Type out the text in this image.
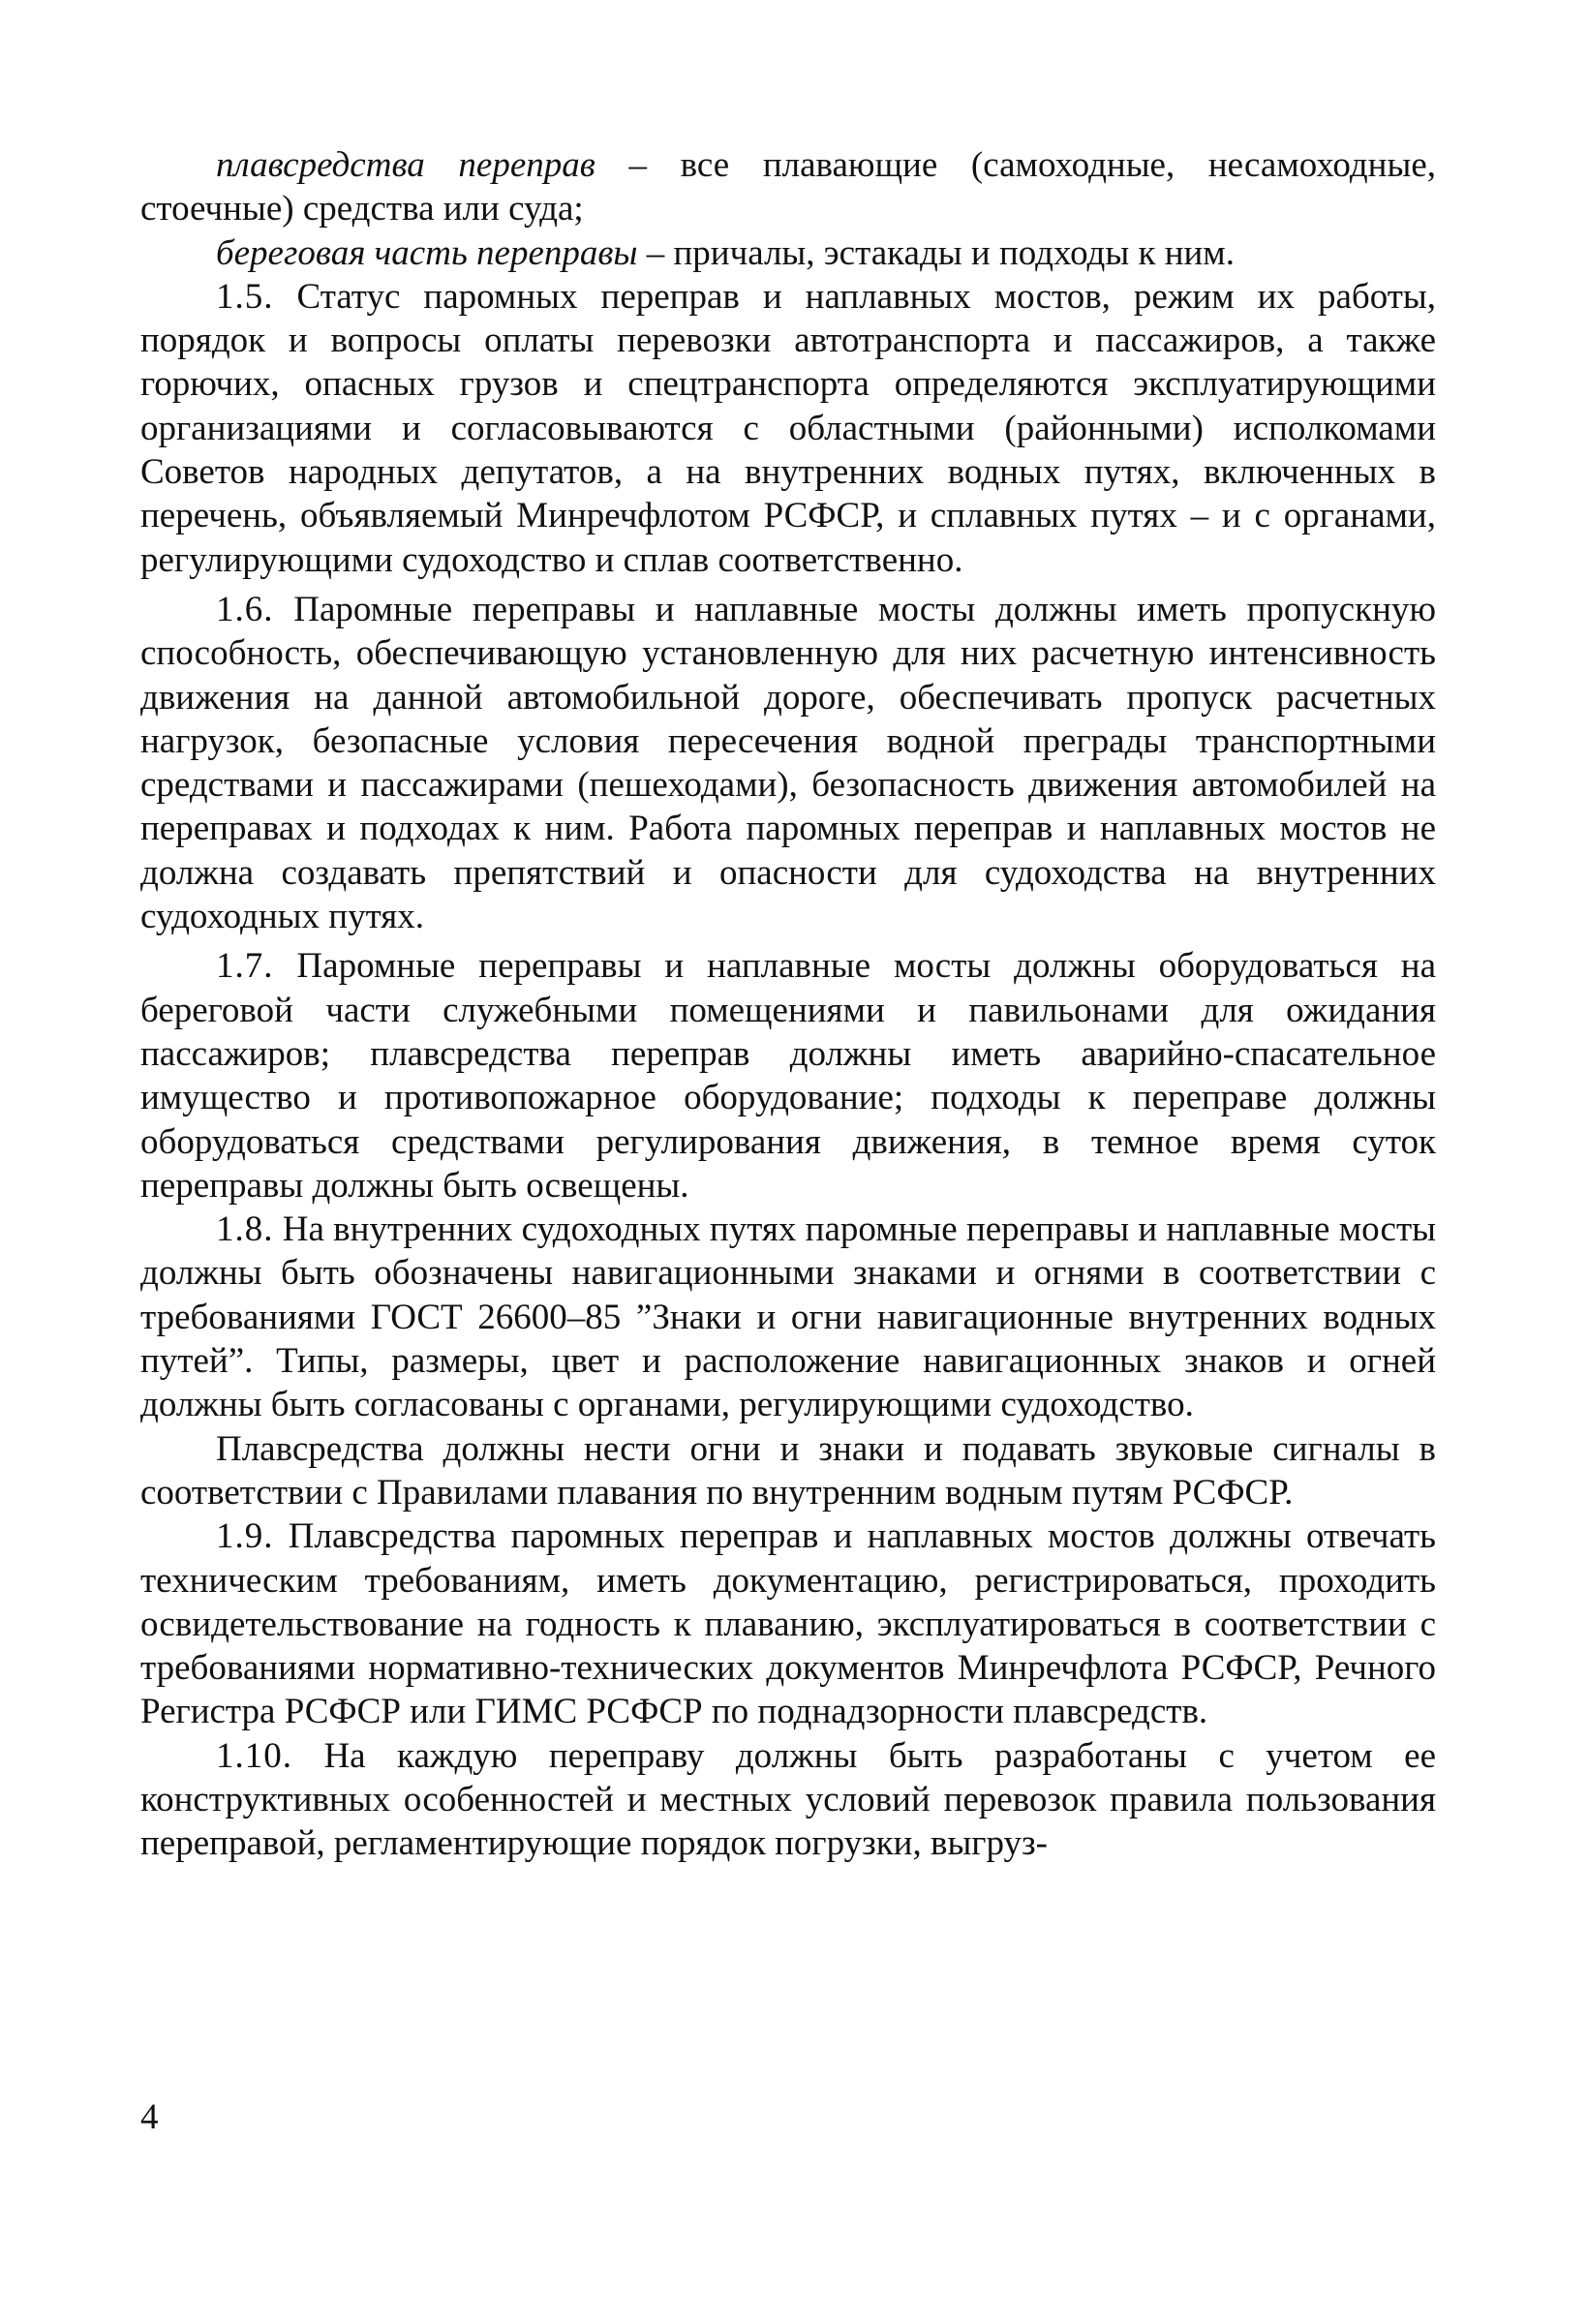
плавсредства переправ – все плавающие (самоходные, несамоходные, стоечные) средства или суда;

береговая часть переправы – причалы, эстакады и подходы к ним.

1.5. Статус паромных переправ и наплавных мостов, режим их работы, порядок и вопросы оплаты перевозки автотранспорта и пассажиров, а также горючих, опасных грузов и спецтранспорта определяются эксплуатирующими организациями и согласовываются с областными (районными) исполкомами Советов народных депутатов, а на внутренних водных путях, включенных в перечень, объявляемый Минречфлотом РСФСР, и сплавных путях – и с органами, регулирующими судоходство и сплав соответственно.

1.6. Паромные переправы и наплавные мосты должны иметь пропускную способность, обеспечивающую установленную для них расчетную интенсивность движения на данной автомобильной дороге, обеспечивать пропуск расчетных нагрузок, безопасные условия пересечения водной преграды транспортными средствами и пассажирами (пешеходами), безопасность движения автомобилей на переправах и подходах к ним. Работа паромных переправ и наплавных мостов не должна создавать препятствий и опасности для судоходства на внутренних судоходных путях.

1.7. Паромные переправы и наплавные мосты должны оборудоваться на береговой части служебными помещениями и павильонами для ожидания пассажиров; плавсредства переправ должны иметь аварийно-спасательное имущество и противопожарное оборудование; подходы к переправе должны оборудоваться средствами регулирования движения, в темное время суток переправы должны быть освещены.

1.8. На внутренних судоходных путях паромные переправы и наплавные мосты должны быть обозначены навигационными знаками и огнями в соответствии с требованиями ГОСТ 26600–85 ”Знаки и огни навигационные внутренних водных путей”. Типы, размеры, цвет и расположение навигационных знаков и огней должны быть согласованы с органами, регулирующими судоходство.

Плавсредства должны нести огни и знаки и подавать звуковые сигналы в соответствии с Правилами плавания по внутренним водным путям РСФСР.

1.9. Плавсредства паромных переправ и наплавных мостов должны отвечать техническим требованиям, иметь документацию, регистрироваться, проходить освидетельствование на годность к плаванию, эксплуатироваться в соответствии с требованиями нормативно-технических документов Минречфлота РСФСР, Речного Регистра РСФСР или ГИМС РСФСР по поднадзорности плавсредств.

1.10. На каждую переправу должны быть разработаны с учетом ее конструктивных особенностей и местных условий перевозок правила пользования переправой, регламентирующие порядок погрузки, выгруз-

4
